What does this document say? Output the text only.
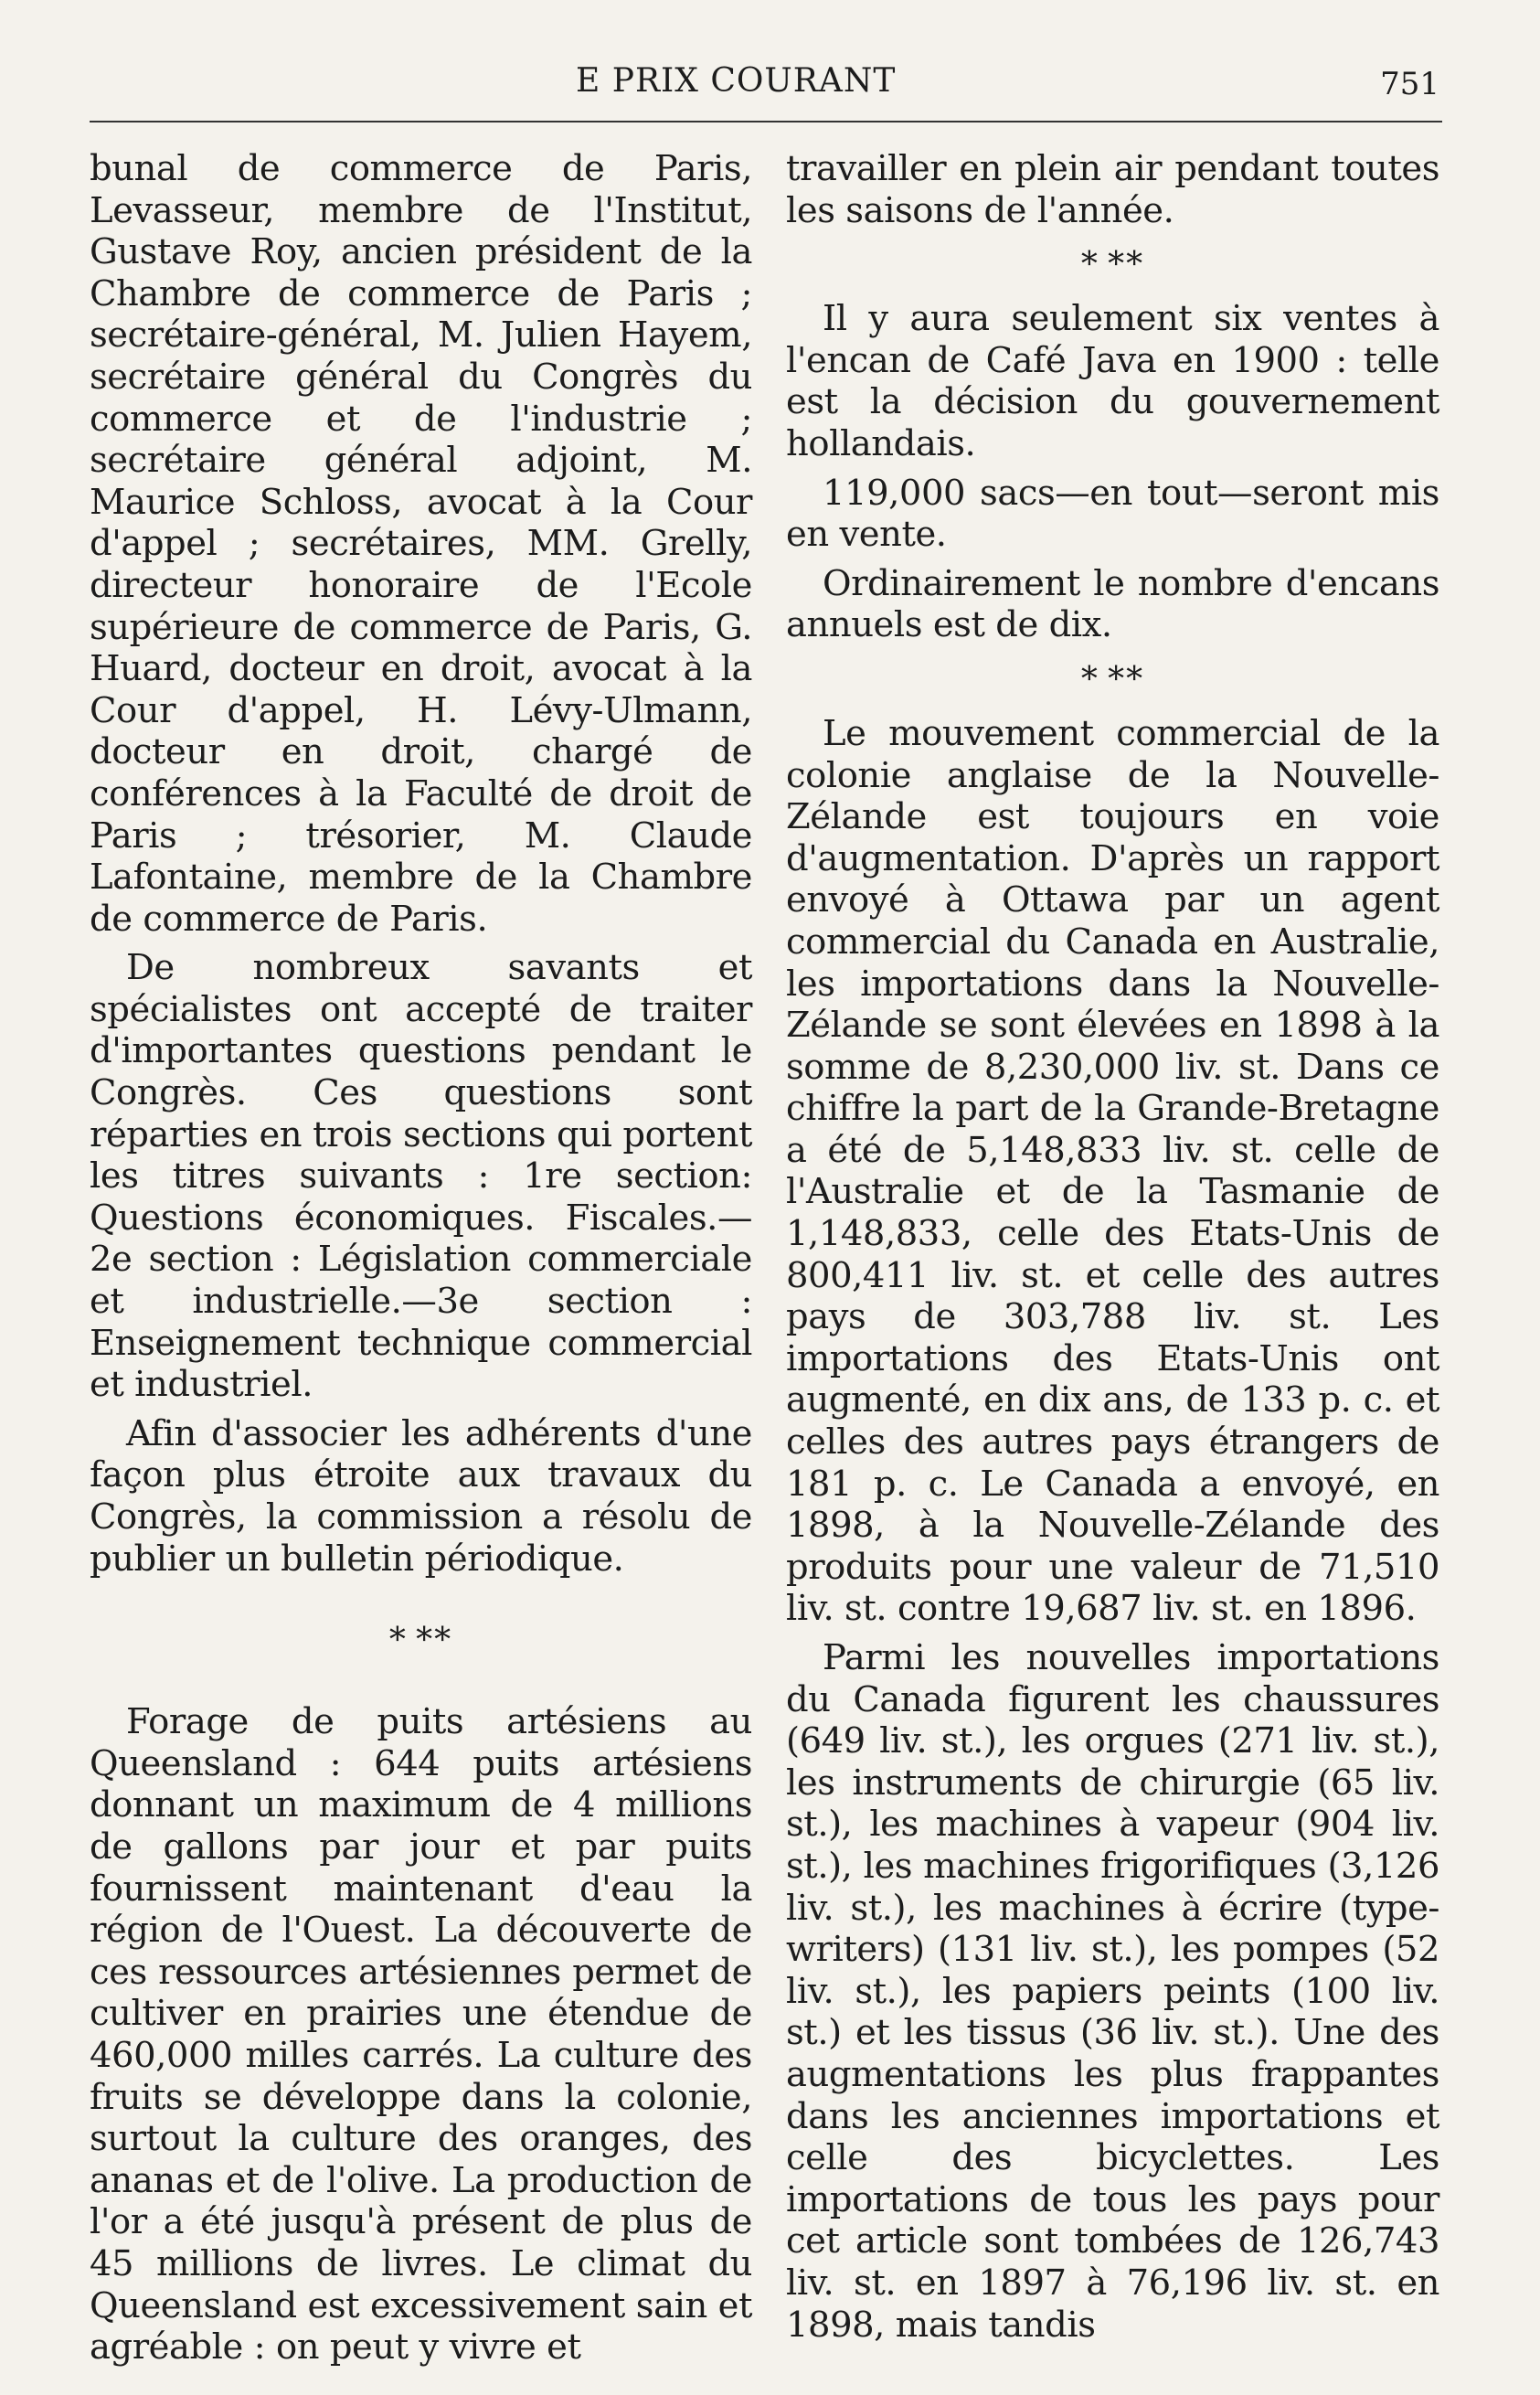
E PRIX COURANT	751

bunal de commerce de Paris, Levasseur, membre de l'Institut, Gustave Roy, ancien président de la Chambre de commerce de Paris ; secrétaire-général, M. Julien Hayem, secrétaire général du Congrès du commerce et de l'industrie ; secrétaire général adjoint, M. Maurice Schloss, avocat à la Cour d'appel ; secrétaires, MM. Grelly, directeur honoraire de l'Ecole supérieure de commerce de Paris, G. Huard, docteur en droit, avocat à la Cour d'appel, H. Lévy-Ulmann, docteur en droit, chargé de conférences à la Faculté de droit de Paris ; trésorier, M. Claude Lafontaine, membre de la Chambre de commerce de Paris.

De nombreux savants et spécialistes ont accepté de traiter d'importantes questions pendant le Congrès. Ces questions sont réparties en trois sections qui portent les titres suivants : 1re section: Questions économiques. Fiscales.—2e section : Législation commerciale et industrielle.—3e section : Enseignement technique commercial et industriel.

Afin d'associer les adhérents d'une façon plus étroite aux travaux du Congrès, la commission a résolu de publier un bulletin périodique.

* **

Forage de puits artésiens au Queensland : 644 puits artésiens donnant un maximum de 4 millions de gallons par jour et par puits fournissent maintenant d'eau la région de l'Ouest. La découverte de ces ressources artésiennes permet de cultiver en prairies une étendue de 460,000 milles carrés. La culture des fruits se développe dans la colonie, surtout la culture des oranges, des ananas et de l'olive. La production de l'or a été jusqu'à présent de plus de 45 millions de livres. Le climat du Queensland est excessivement sain et agréable : on peut y vivre et

travailler en plein air pendant toutes les saisons de l'année.

* **

Il y aura seulement six ventes à l'encan de Café Java en 1900 : telle est la décision du gouvernement hollandais.

119,000 sacs—en tout—seront mis en vente.

Ordinairement le nombre d'encans annuels est de dix.

* **

Le mouvement commercial de la colonie anglaise de la Nouvelle-Zélande est toujours en voie d'augmentation. D'après un rapport envoyé à Ottawa par un agent commercial du Canada en Australie, les importations dans la Nouvelle-Zélande se sont élevées en 1898 à la somme de 8,230,000 liv. st. Dans ce chiffre la part de la Grande-Bretagne a été de 5,148,833 liv. st. celle de l'Australie et de la Tasmanie de 1,148,833, celle des Etats-Unis de 800,411 liv. st. et celle des autres pays de 303,788 liv. st. Les importations des Etats-Unis ont augmenté, en dix ans, de 133 p. c. et celles des autres pays étrangers de 181 p. c. Le Canada a envoyé, en 1898, à la Nouvelle-Zélande des produits pour une valeur de 71,510 liv. st. contre 19,687 liv. st. en 1896.

Parmi les nouvelles importations du Canada figurent les chaussures (649 liv. st.), les orgues (271 liv. st.), les instruments de chirurgie (65 liv. st.), les machines à vapeur (904 liv. st.), les machines frigorifiques (3,126 liv. st.), les machines à écrire (type-writers) (131 liv. st.), les pompes (52 liv. st.), les papiers peints (100 liv. st.) et les tissus (36 liv. st.). Une des augmentations les plus frappantes dans les anciennes importations et celle des bicyclettes. Les importations de tous les pays pour cet article sont tombées de 126,743 liv. st. en 1897 à 76,196 liv. st. en 1898, mais tandis
